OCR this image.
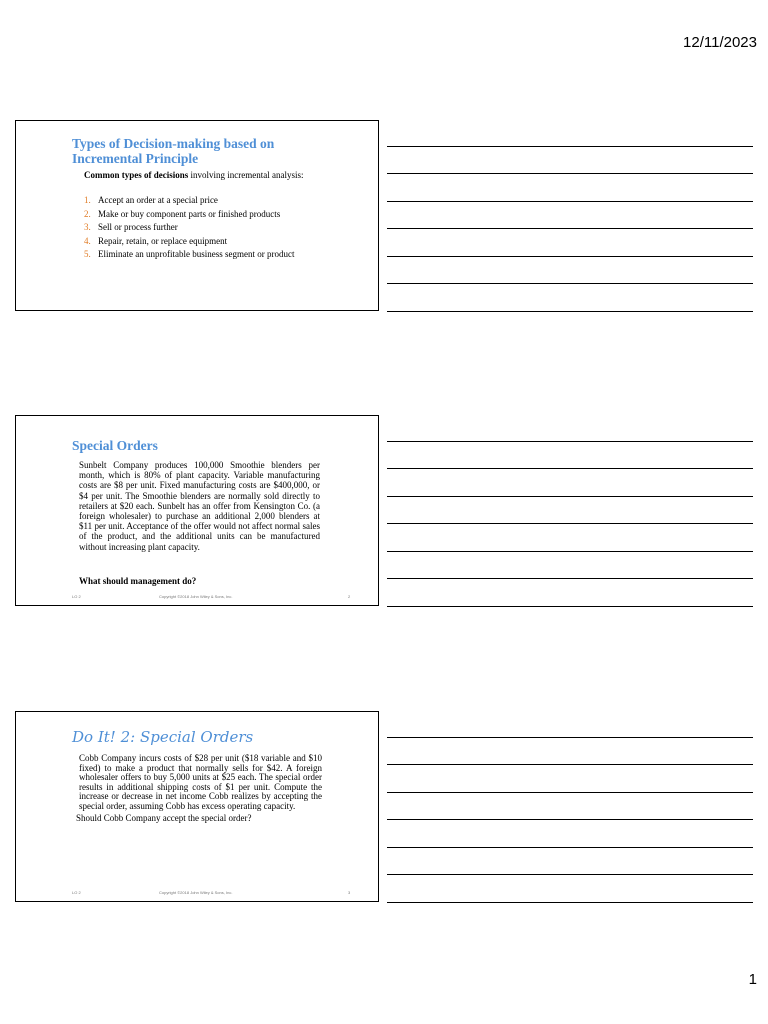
12/11/2023
Types of Decision-making based on Incremental Principle
Common types of decisions involving incremental analysis:
1. Accept an order at a special price
2. Make or buy component parts or finished products
3. Sell or process further
4. Repair, retain, or replace equipment
5. Eliminate an unprofitable business segment or product
Special Orders

Sunbelt Company produces 100,000 Smoothie blenders per month, which is 80% of plant capacity. Variable manufacturing costs are $8 per unit. Fixed manufacturing costs are $400,000, or $4 per unit. The Smoothie blenders are normally sold directly to retailers at $20 each. Sunbelt has an offer from Kensington Co. (a foreign wholesaler) to purchase an additional 2,000 blenders at $11 per unit. Acceptance of the offer would not affect normal sales of the product, and the additional units can be manufactured without increasing plant capacity.

What should management do?
LO 2	Copyright ©2018 John Wiley & Sons, Inc.	2
Do It! 2: Special Orders

Cobb Company incurs costs of $28 per unit ($18 variable and $10 fixed) to make a product that normally sells for $42. A foreign wholesaler offers to buy 5,000 units at $25 each. The special order results in additional shipping costs of $1 per unit. Compute the increase or decrease in net income Cobb realizes by accepting the special order, assuming Cobb has excess operating capacity.

Should Cobb Company accept the special order?
LO 2	Copyright ©2018 John Wiley & Sons, Inc.	3
1
